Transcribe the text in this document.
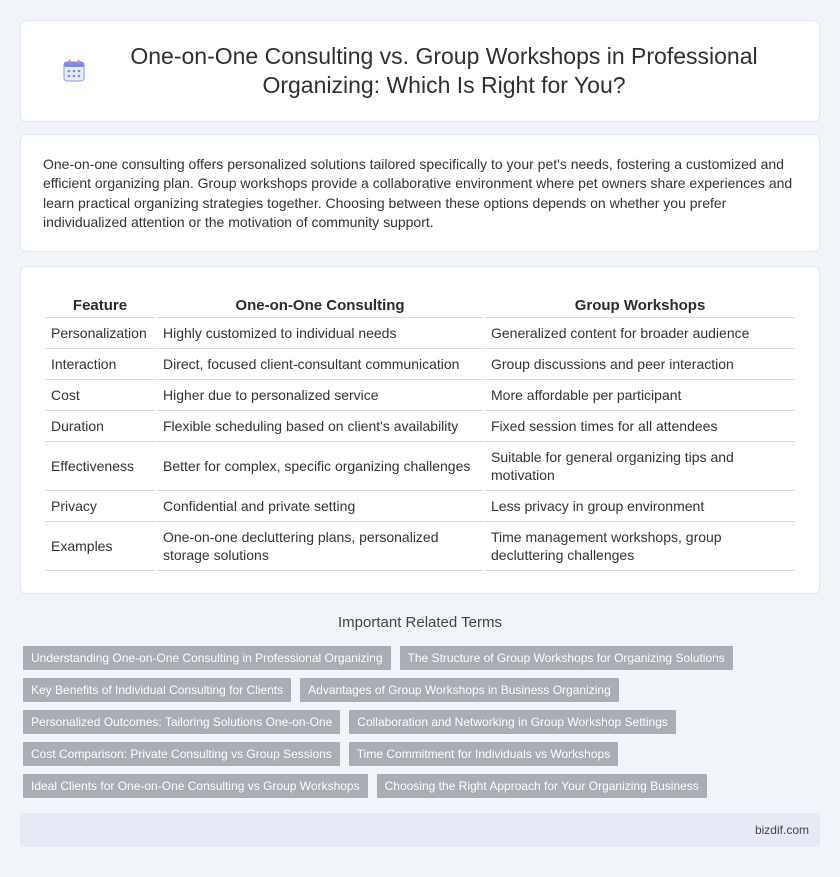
One-on-One Consulting vs. Group Workshops in Professional Organizing: Which Is Right for You?

One-on-one consulting offers personalized solutions tailored specifically to your pet's needs, fostering a customized and efficient organizing plan. Group workshops provide a collaborative environment where pet owners share experiences and learn practical organizing strategies together. Choosing between these options depends on whether you prefer individualized attention or the motivation of community support.

Feature	One-on-One Consulting	Group Workshops
Personalization	Highly customized to individual needs	Generalized content for broader audience
Interaction	Direct, focused client-consultant communication	Group discussions and peer interaction
Cost	Higher due to personalized service	More affordable per participant
Duration	Flexible scheduling based on client's availability	Fixed session times for all attendees
Effectiveness	Better for complex, specific organizing challenges	Suitable for general organizing tips and motivation
Privacy	Confidential and private setting	Less privacy in group environment
Examples	One-on-one decluttering plans, personalized storage solutions	Time management workshops, group decluttering challenges
Important Related Terms
Understanding One-on-One Consulting in Professional Organizing	The Structure of Group Workshops for Organizing Solutions
Key Benefits of Individual Consulting for Clients	Advantages of Group Workshops in Business Organizing
Personalized Outcomes: Tailoring Solutions One-on-One	Collaboration and Networking in Group Workshop Settings
Cost Comparison: Private Consulting vs Group Sessions	Time Commitment for Individuals vs Workshops
Ideal Clients for One-on-One Consulting vs Group Workshops	Choosing the Right Approach for Your Organizing Business
bizdif.com
